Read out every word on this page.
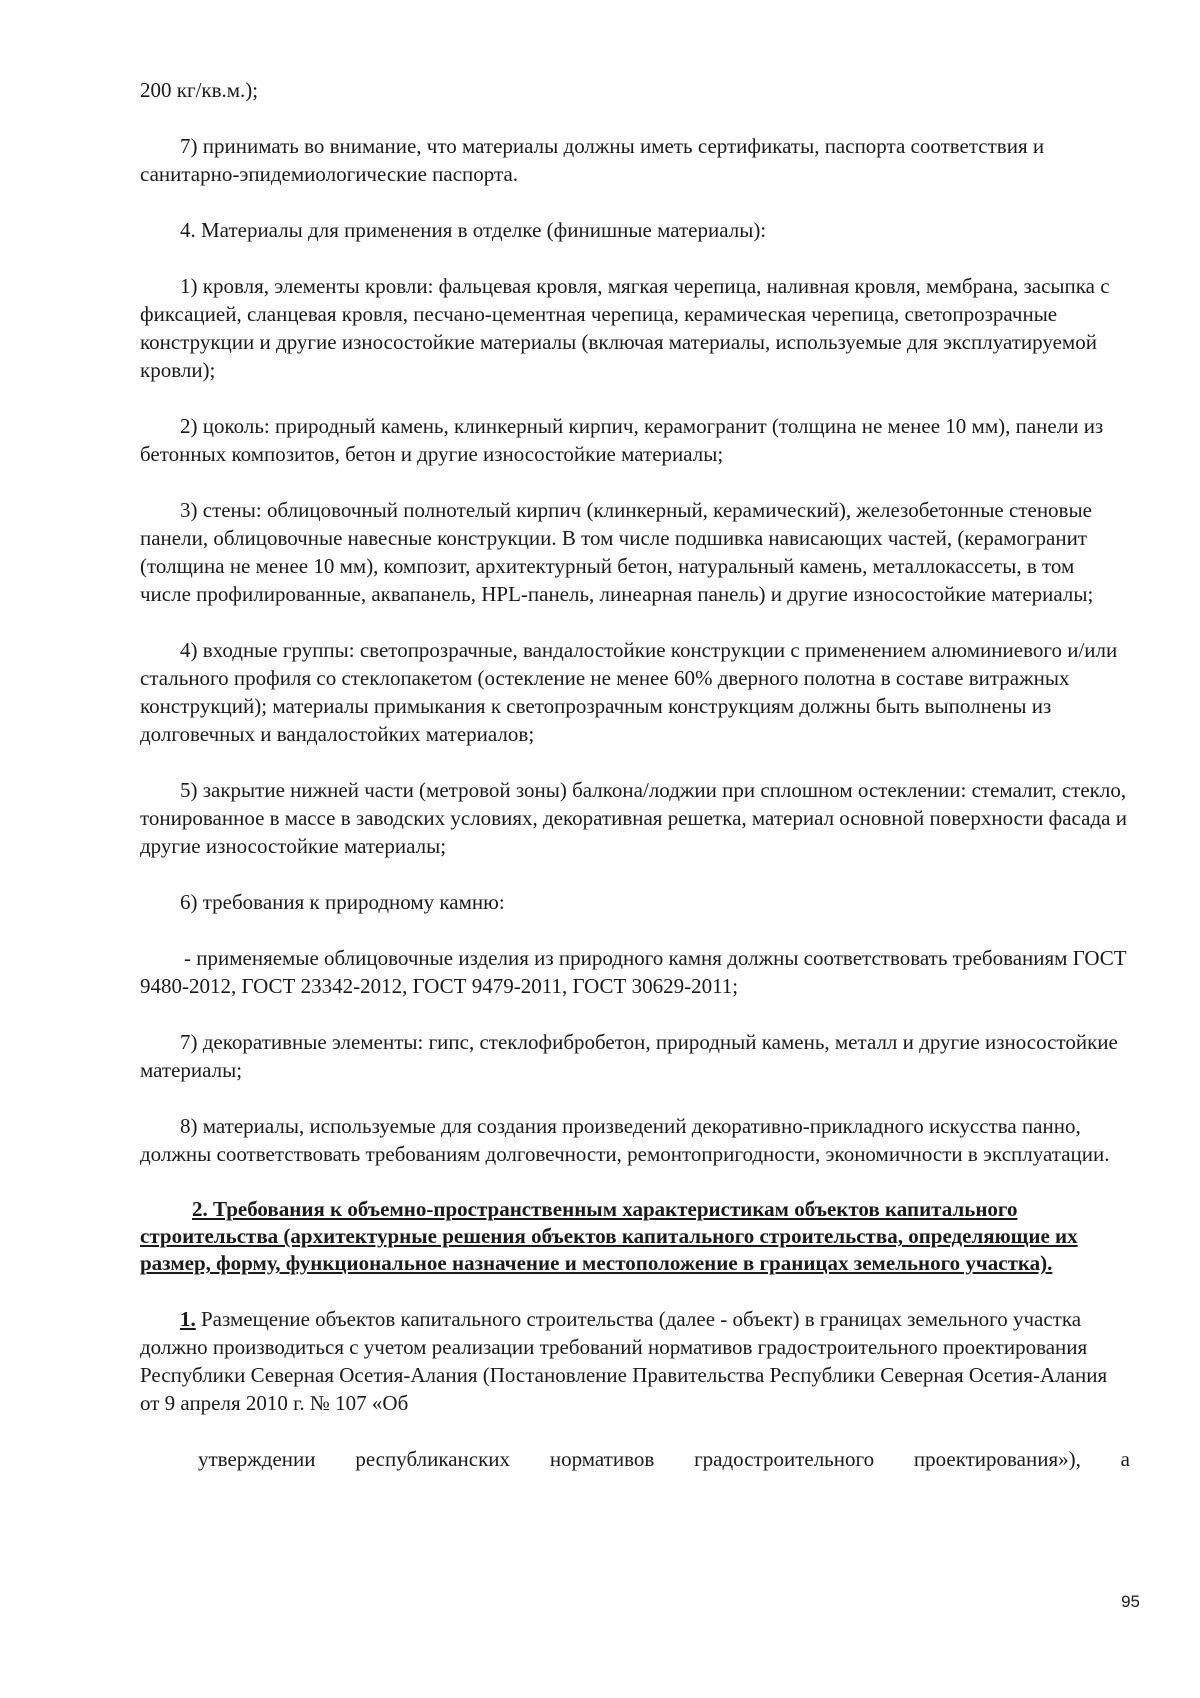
200 кг/кв.м.);

7) принимать во внимание, что материалы должны иметь сертификаты, паспорта соответствия и санитарно-эпидемиологические паспорта.

4. Материалы для применения в отделке (финишные материалы):

1) кровля, элементы кровли: фальцевая кровля, мягкая черепица, наливная кровля, мембрана, засыпка с фиксацией, сланцевая кровля, песчано-цементная черепица, керамическая черепица, светопрозрачные конструкции и другие износостойкие материалы (включая материалы, используемые для эксплуатируемой кровли);

2) цоколь: природный камень, клинкерный кирпич, керамогранит (толщина не менее 10 мм), панели из бетонных композитов, бетон и другие износостойкие материалы;

3) стены: облицовочный полнотелый кирпич (клинкерный, керамический), железобетонные стеновые панели, облицовочные навесные конструкции. В том числе подшивка нависающих частей, (керамогранит (толщина не менее 10 мм), композит, архитектурный бетон, натуральный камень, металлокассеты, в том числе профилированные, аквапанель, HPL-панель, линеарная панель) и другие износостойкие материалы;

4) входные группы: светопрозрачные, вандалостойкие конструкции с применением алюминиевого и/или стального профиля со стеклопакетом (остекление не менее 60% дверного полотна в составе витражных конструкций); материалы примыкания к светопрозрачным конструкциям должны быть выполнены из долговечных и вандалостойких материалов;

5) закрытие нижней части (метровой зоны) балкона/лоджии при сплошном остеклении: стемалит, стекло, тонированное в массе в заводских условиях, декоративная решетка, материал основной поверхности фасада и другие износостойкие материалы;

6) требования к природному камню:

- применяемые облицовочные изделия из природного камня должны соответствовать требованиям ГОСТ 9480-2012, ГОСТ 23342-2012, ГОСТ 9479-2011, ГОСТ 30629-2011;

7) декоративные элементы: гипс, стеклофибробетон, природный камень, металл и другие износостойкие материалы;

8) материалы, используемые для создания произведений декоративно-прикладного искусства панно, должны соответствовать требованиям долговечности, ремонтопригодности, экономичности в эксплуатации.

2. Требования к объемно-пространственным характеристикам объектов капитального строительства (архитектурные решения объектов капитального строительства, определяющие их размер, форму, функциональное назначение и местоположение в границах земельного участка).

1. Размещение объектов капитального строительства (далее - объект) в границах земельного участка должно производиться с учетом реализации требований нормативов градостроительного проектирования Республики Северная Осетия-Алания (Постановление Правительства Республики Северная Осетия-Алания от 9 апреля 2010 г. № 107 «Об

утверждении республиканских нормативов градостроительного проектирования»), а

95
